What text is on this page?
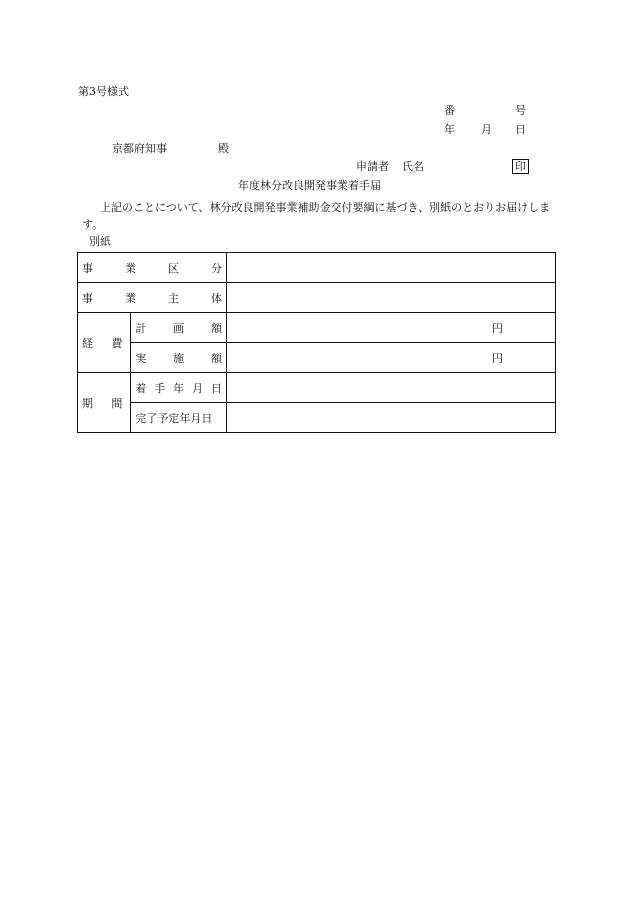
第3号様式
番	号
年 月 日
京都府知事	殿
申請者 氏名	印
年度林分改良開発事業着手届
上記のことについて、林分改良開発事業補助金交付要綱に基づき、別紙のとおりお届けします。
別紙
事 業 区 分		

事 業 主 体		

経 費	計 画 額	円

	実 施 額	円

期 間	着 手 年 月 日	

	完了予定年月日	
